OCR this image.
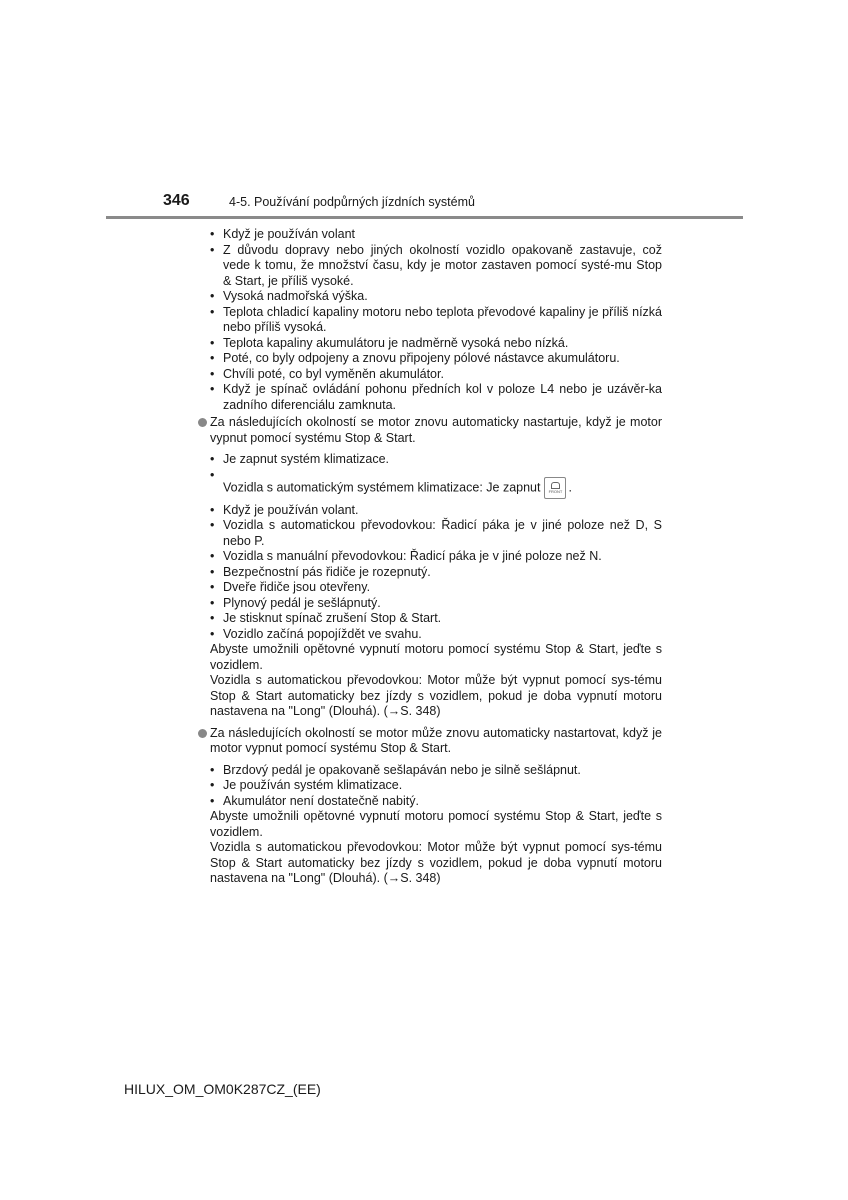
346	4-5. Používání podpůrných jízdních systémů
• Když je používán volant
• Z důvodu dopravy nebo jiných okolností vozidlo opakovaně zastavuje, což vede k tomu, že množství času, kdy je motor zastaven pomocí systé-mu Stop & Start, je příliš vysoké.
• Vysoká nadmořská výška.
• Teplota chladicí kapaliny motoru nebo teplota převodové kapaliny je příliš nízká nebo příliš vysoká.
• Teplota kapaliny akumulátoru je nadměrně vysoká nebo nízká.
• Poté, co byly odpojeny a znovu připojeny pólové nástavce akumulátoru.
• Chvíli poté, co byl vyměněn akumulátor.
• Když je spínač ovládání pohonu předních kol v poloze L4 nebo je uzávěr-ka zadního diferenciálu zamknuta.

Za následujících okolností se motor znovu automaticky nastartuje, když je motor vypnut pomocí systému Stop & Start.

• Je zapnut systém klimatizace.
• Vozidla s automatickým systémem klimatizace: Je zapnut FRONT .
• Když je používán volant.
• Vozidla s automatickou převodovkou: Řadicí páka je v jiné poloze než D, S nebo P.
• Vozidla s manuální převodovkou: Řadicí páka je v jiné poloze než N.
• Bezpečnostní pás řidiče je rozepnutý.
• Dveře řidiče jsou otevřeny.
• Plynový pedál je sešlápnutý.
• Je stisknut spínač zrušení Stop & Start.
• Vozidlo začíná popojíždět ve svahu.

Abyste umožnili opětovné vypnutí motoru pomocí systému Stop & Start, jeďte s vozidlem.

Vozidla s automatickou převodovkou: Motor může být vypnut pomocí sys-tému Stop & Start automaticky bez jízdy s vozidlem, pokud je doba vypnutí motoru nastavena na "Long" (Dlouhá). (→S. 348)

Za následujících okolností se motor může znovu automaticky nastartovat, když je motor vypnut pomocí systému Stop & Start.

• Brzdový pedál je opakovaně sešlapáván nebo je silně sešlápnut.
• Je používán systém klimatizace.
• Akumulátor není dostatečně nabitý.

Abyste umožnili opětovné vypnutí motoru pomocí systému Stop & Start, jeďte s vozidlem.

Vozidla s automatickou převodovkou: Motor může být vypnut pomocí sys-tému Stop & Start automaticky bez jízdy s vozidlem, pokud je doba vypnutí motoru nastavena na "Long" (Dlouhá). (→S. 348)

HILUX_OM_OM0K287CZ_(EE)
